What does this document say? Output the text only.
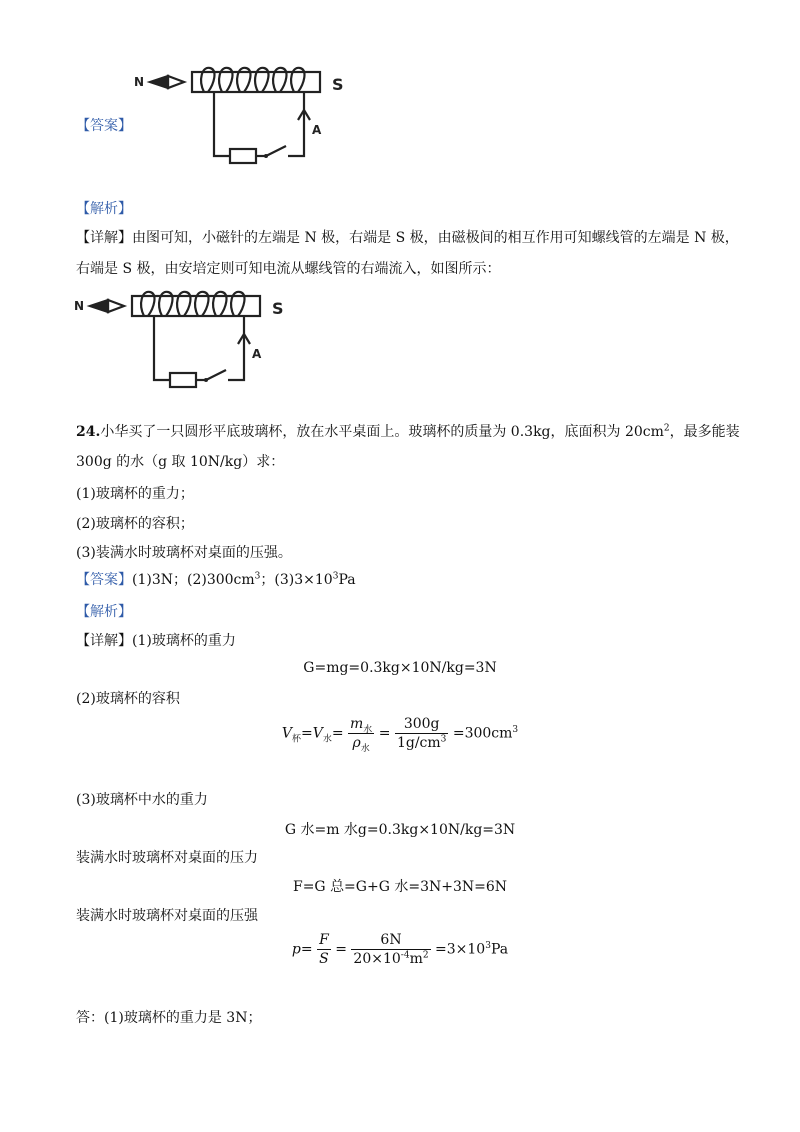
【答案】
N	S
A
【解析】
【详解】由图可知，小磁针的左端是 N 极，右端是 S 极，由磁极间的相互作用可知螺线管的左端是 N 极，
右端是 S 极，由安培定则可知电流从螺线管的右端流入，如图所示：
N	S
A
24.小华买了一只圆形平底玻璃杯，放在水平桌面上。玻璃杯的质量为 0.3kg，底面积为 $20cm^2$，最多能装
300g 的水（g 取 10N/kg）求：
(1)玻璃杯的重力；
(2)玻璃杯的容积；
(3)装满水时玻璃杯对桌面的压强。
【答案】(1)3N；$(2)300cm^3$；$(3)3\times 10^3Pa$
【解析】
【详解】(1)玻璃杯的重力
G=mg=0.3kg×10N/kg=3N
(2)玻璃杯的容积
$V_杯=V_水= \frac{m_水}{\rho_水} = \frac{300g}{1g/cm^3} =300cm^3$
(3)玻璃杯中水的重力
G 水=m 水g=0.3kg×10N/kg=3N
装满水时玻璃杯对桌面的压力
F=G 总=G+G 水=3N+3N=6N
装满水时玻璃杯对桌面的压强
$p= \frac{F}{S} = \frac{6N}{20\times 10^{-4}m^2} =3\times 10^3Pa$
答：(1)玻璃杯的重力是 3N；
